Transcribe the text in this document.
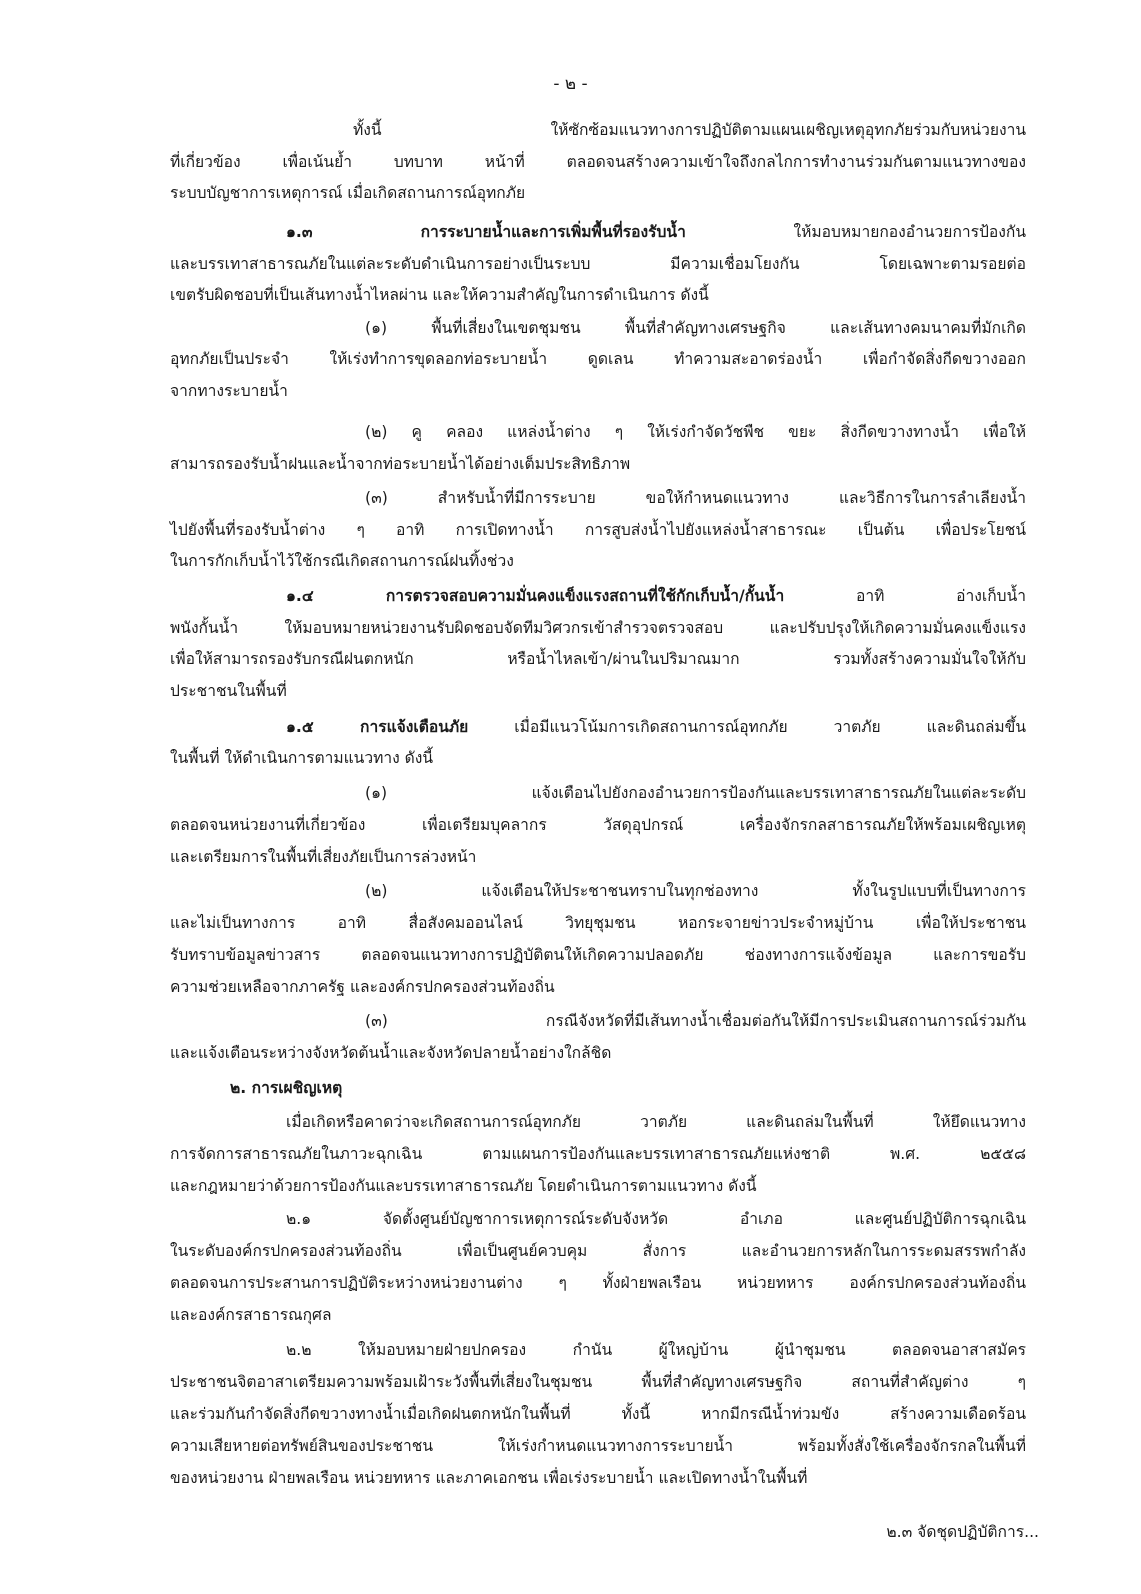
- ๒ -
ทั้งนี้ ให้ซักซ้อมแนวทางการปฏิบัติตามแผนเผชิญเหตุอุทกภัยร่วมกับหน่วยงาน
ที่เกี่ยวข้อง เพื่อเน้นย้ำ บทบาท หน้าที่ ตลอดจนสร้างความเข้าใจถึงกลไกการทำงานร่วมกันตามแนวทางของ
ระบบบัญชาการเหตุการณ์ เมื่อเกิดสถานการณ์อุทกภัย
๑.๓ การระบายน้ำและการเพิ่มพื้นที่รองรับน้ำ ให้มอบหมายกองอำนวยการป้องกัน
และบรรเทาสาธารณภัยในแต่ละระดับดำเนินการอย่างเป็นระบบ มีความเชื่อมโยงกัน โดยเฉพาะตามรอยต่อ
เขตรับผิดชอบที่เป็นเส้นทางน้ำไหลผ่าน และให้ความสำคัญในการดำเนินการ ดังนี้
(๑) พื้นที่เสี่ยงในเขตชุมชน พื้นที่สำคัญทางเศรษฐกิจ และเส้นทางคมนาคมที่มักเกิด
อุทกภัยเป็นประจำ ให้เร่งทำการขุดลอกท่อระบายน้ำ ดูดเลน ทำความสะอาดร่องน้ำ เพื่อกำจัดสิ่งกีดขวางออก
จากทางระบายน้ำ
(๒) คู คลอง แหล่งน้ำต่าง ๆ ให้เร่งกำจัดวัชพืช ขยะ สิ่งกีดขวางทางน้ำ เพื่อให้
สามารถรองรับน้ำฝนและน้ำจากท่อระบายน้ำได้อย่างเต็มประสิทธิภาพ
(๓) สำหรับน้ำที่มีการระบาย ขอให้กำหนดแนวทาง และวิธีการในการลำเลียงน้ำ
ไปยังพื้นที่รองรับน้ำต่าง ๆ อาทิ การเปิดทางน้ำ การสูบส่งน้ำไปยังแหล่งน้ำสาธารณะ เป็นต้น เพื่อประโยชน์
ในการกักเก็บน้ำไว้ใช้กรณีเกิดสถานการณ์ฝนทิ้งช่วง
๑.๔ การตรวจสอบความมั่นคงแข็งแรงสถานที่ใช้กักเก็บน้ำ/กั้นน้ำ อาทิ อ่างเก็บน้ำ
พนังกั้นน้ำ ให้มอบหมายหน่วยงานรับผิดชอบจัดทีมวิศวกรเข้าสำรวจตรวจสอบ และปรับปรุงให้เกิดความมั่นคงแข็งแรง
เพื่อให้สามารถรองรับกรณีฝนตกหนัก หรือน้ำไหลเข้า/ผ่านในปริมาณมาก รวมทั้งสร้างความมั่นใจให้กับ
ประชาชนในพื้นที่
๑.๕ การแจ้งเตือนภัย เมื่อมีแนวโน้มการเกิดสถานการณ์อุทกภัย วาตภัย และดินถล่มขึ้น
ในพื้นที่ ให้ดำเนินการตามแนวทาง ดังนี้
(๑) แจ้งเตือนไปยังกองอำนวยการป้องกันและบรรเทาสาธารณภัยในแต่ละระดับ
ตลอดจนหน่วยงานที่เกี่ยวข้อง เพื่อเตรียมบุคลากร วัสดุอุปกรณ์ เครื่องจักรกลสาธารณภัยให้พร้อมเผชิญเหตุ
และเตรียมการในพื้นที่เสี่ยงภัยเป็นการล่วงหน้า
(๒) แจ้งเตือนให้ประชาชนทราบในทุกช่องทาง ทั้งในรูปแบบที่เป็นทางการ
และไม่เป็นทางการ อาทิ สื่อสังคมออนไลน์ วิทยุชุมชน หอกระจายข่าวประจำหมู่บ้าน เพื่อให้ประชาชน
รับทราบข้อมูลข่าวสาร ตลอดจนแนวทางการปฏิบัติตนให้เกิดความปลอดภัย ช่องทางการแจ้งข้อมูล และการขอรับ
ความช่วยเหลือจากภาครัฐ และองค์กรปกครองส่วนท้องถิ่น
(๓) กรณีจังหวัดที่มีเส้นทางน้ำเชื่อมต่อกันให้มีการประเมินสถานการณ์ร่วมกัน
และแจ้งเตือนระหว่างจังหวัดต้นน้ำและจังหวัดปลายน้ำอย่างใกล้ชิด
๒. การเผชิญเหตุ
เมื่อเกิดหรือคาดว่าจะเกิดสถานการณ์อุทกภัย วาตภัย และดินถล่มในพื้นที่ ให้ยึดแนวทาง
การจัดการสาธารณภัยในภาวะฉุกเฉิน ตามแผนการป้องกันและบรรเทาสาธารณภัยแห่งชาติ พ.ศ. ๒๕๕๘
และกฎหมายว่าด้วยการป้องกันและบรรเทาสาธารณภัย โดยดำเนินการตามแนวทาง ดังนี้
๒.๑ จัดตั้งศูนย์บัญชาการเหตุการณ์ระดับจังหวัด อำเภอ และศูนย์ปฏิบัติการฉุกเฉิน
ในระดับองค์กรปกครองส่วนท้องถิ่น เพื่อเป็นศูนย์ควบคุม สั่งการ และอำนวยการหลักในการระดมสรรพกำลัง
ตลอดจนการประสานการปฏิบัติระหว่างหน่วยงานต่าง ๆ ทั้งฝ่ายพลเรือน หน่วยทหาร องค์กรปกครองส่วนท้องถิ่น
และองค์กรสาธารณกุศล
๒.๒ ให้มอบหมายฝ่ายปกครอง กำนัน ผู้ใหญ่บ้าน ผู้นำชุมชน ตลอดจนอาสาสมัคร
ประชาชนจิตอาสาเตรียมความพร้อมเฝ้าระวังพื้นที่เสี่ยงในชุมชน พื้นที่สำคัญทางเศรษฐกิจ สถานที่สำคัญต่าง ๆ
และร่วมกันกำจัดสิ่งกีดขวางทางน้ำเมื่อเกิดฝนตกหนักในพื้นที่ ทั้งนี้ หากมีกรณีน้ำท่วมขัง สร้างความเดือดร้อน
ความเสียหายต่อทรัพย์สินของประชาชน ให้เร่งกำหนดแนวทางการระบายน้ำ พร้อมทั้งสั่งใช้เครื่องจักรกลในพื้นที่
ของหน่วยงาน ฝ่ายพลเรือน หน่วยทหาร และภาคเอกชน เพื่อเร่งระบายน้ำ และเปิดทางน้ำในพื้นที่
๒.๓ จัดชุดปฏิบัติการ...
